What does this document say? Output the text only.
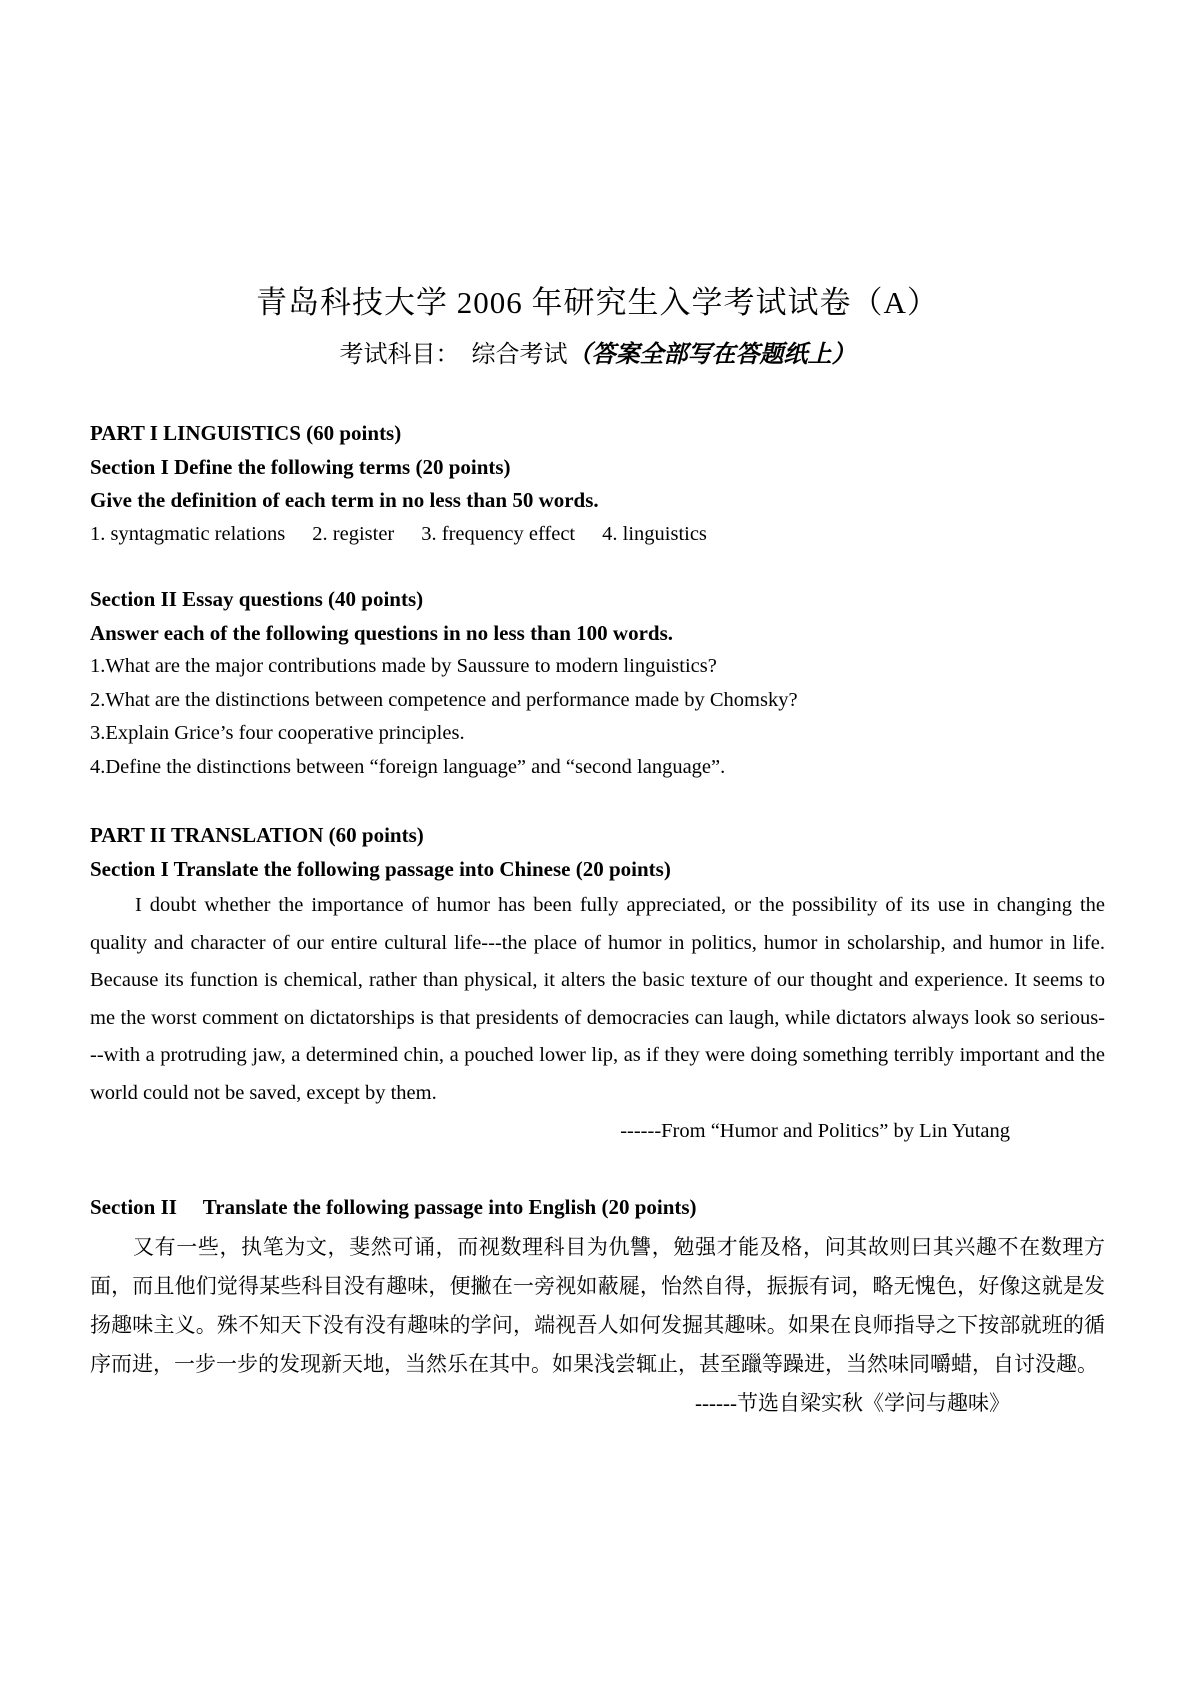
青岛科技大学 2006 年研究生入学考试试卷（A）
考试科目：　综合考试（答案全部写在答题纸上）
PART I LINGUISTICS (60 points)
Section I Define the following terms (20 points)
Give the definition of each term in no less than 50 words.
1. syntagmatic relations 2. register 3. frequency effect 4. linguistics
Section II Essay questions (40 points)
Answer each of the following questions in no less than 100 words.
1.What are the major contributions made by Saussure to modern linguistics?
2.What are the distinctions between competence and performance made by Chomsky?
3.Explain Grice’s four cooperative principles.
4.Define the distinctions between “foreign language” and “second language”.
PART II TRANSLATION (60 points)
Section I Translate the following passage into Chinese (20 points)
I doubt whether the importance of humor has been fully appreciated, or the possibility of its use in changing the quality and character of our entire cultural life---the place of humor in politics, humor in scholarship, and humor in life. Because its function is chemical, rather than physical, it alters the basic texture of our thought and experience. It seems to me the worst comment on dictatorships is that presidents of democracies can laugh, while dictators always look so serious---with a protruding jaw, a determined chin, a pouched lower lip, as if they were doing something terribly important and the world could not be saved, except by them.
------From “Humor and Politics” by Lin Yutang
Section II　 Translate the following passage into English (20 points)
又有一些，执笔为文，斐然可诵，而视数理科目为仇讐，勉强才能及格，问其故则曰其兴趣不在数理方面，而且他们觉得某些科目没有趣味，便撇在一旁视如蔽屣，怡然自得，振振有词，略无愧色，好像这就是发扬趣味主义。殊不知天下没有没有趣味的学问，端视吾人如何发掘其趣味。如果在良师指导之下按部就班的循序而进，一步一步的发现新天地，当然乐在其中。如果浅尝辄止，甚至躐等躁进，当然味同嚼蜡，自讨没趣。
------节选自梁实秋《学问与趣味》
